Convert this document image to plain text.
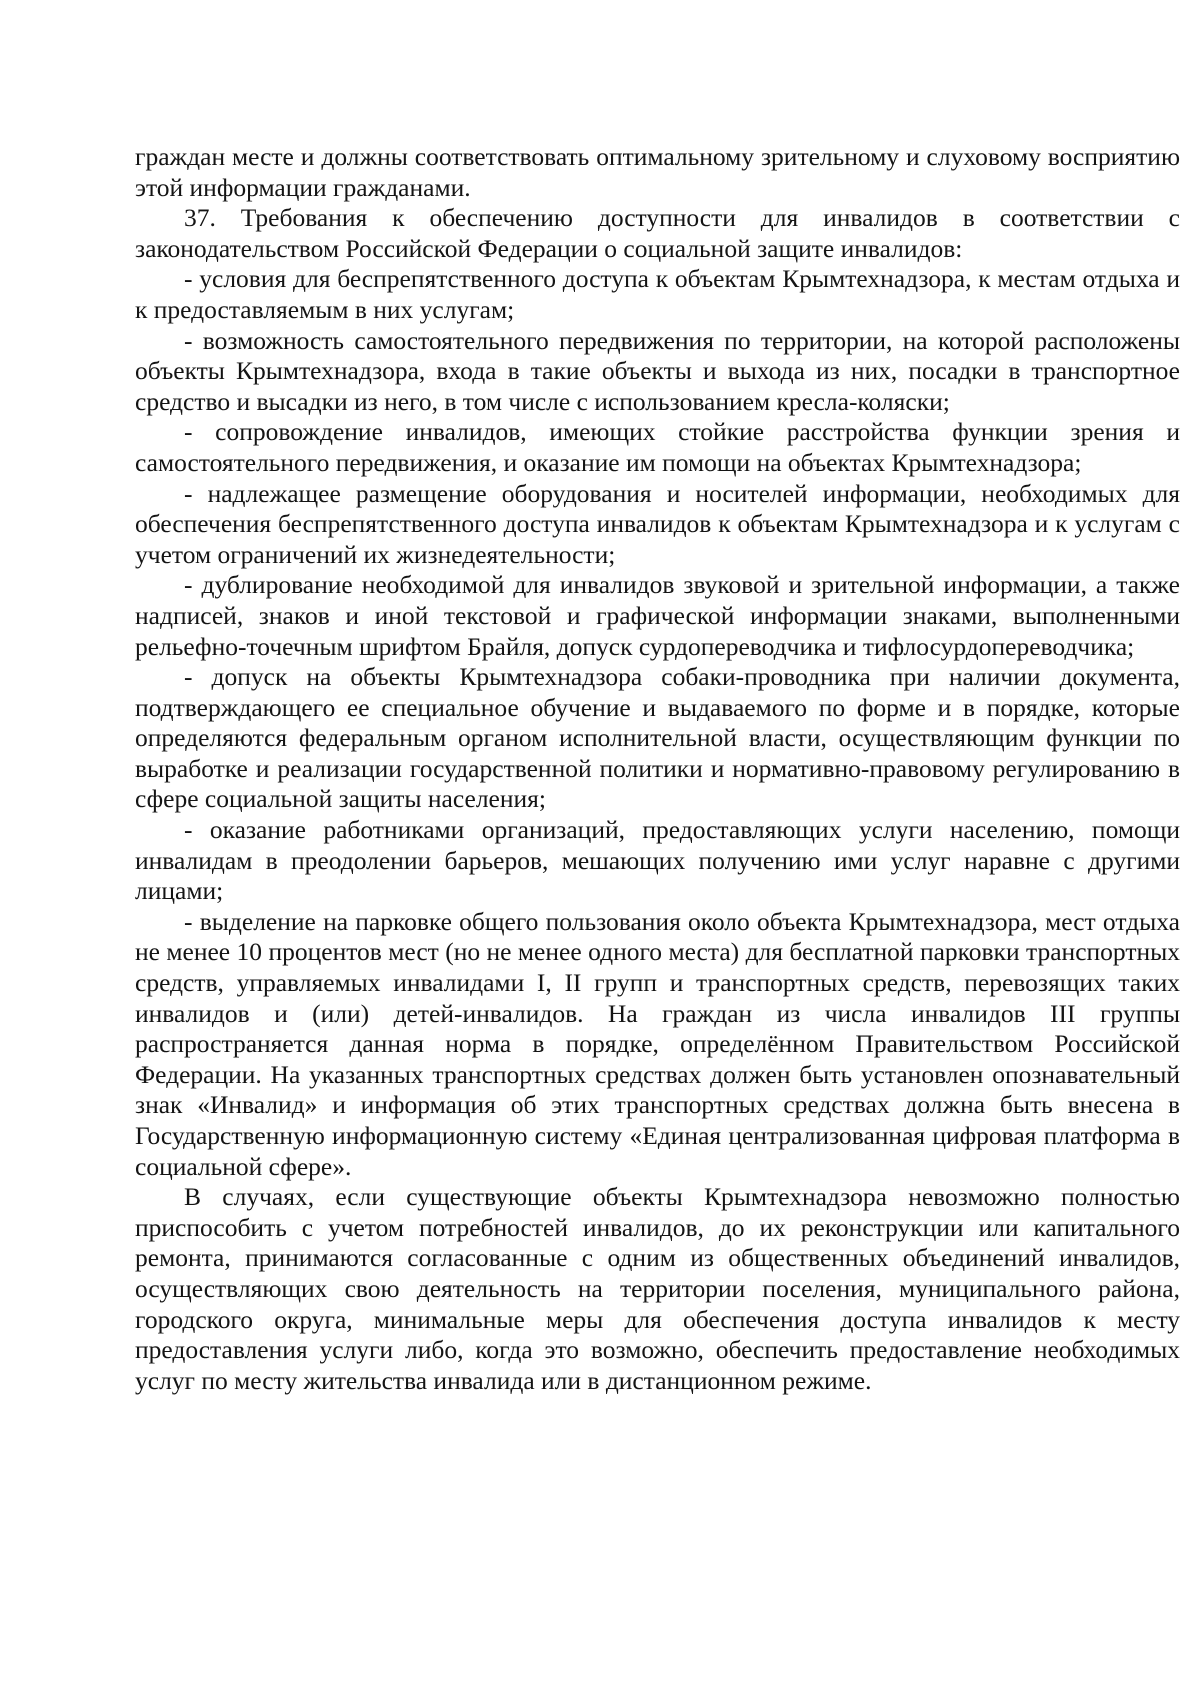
граждан месте и должны соответствовать оптимальному зрительному и слуховому восприятию этой информации гражданами.

37. Требования к обеспечению доступности для инвалидов в соответствии с законодательством Российской Федерации о социальной защите инвалидов:

- условия для беспрепятственного доступа к объектам Крымтехнадзора, к местам отдыха и к предоставляемым в них услугам;

- возможность самостоятельного передвижения по территории, на которой расположены объекты Крымтехнадзора, входа в такие объекты и выхода из них, посадки в транспортное средство и высадки из него, в том числе с использованием кресла-коляски;

- сопровождение инвалидов, имеющих стойкие расстройства функции зрения и самостоятельного передвижения, и оказание им помощи на объектах Крымтехнадзора;

- надлежащее размещение оборудования и носителей информации, необходимых для обеспечения беспрепятственного доступа инвалидов к объектам Крымтехнадзора и к услугам с учетом ограничений их жизнедеятельности;

- дублирование необходимой для инвалидов звуковой и зрительной информации, а также надписей, знаков и иной текстовой и графической информации знаками, выполненными рельефно-точечным шрифтом Брайля, допуск сурдопереводчика и тифлосурдопереводчика;

- допуск на объекты Крымтехнадзора собаки-проводника при наличии документа, подтверждающего ее специальное обучение и выдаваемого по форме и в порядке, которые определяются федеральным органом исполнительной власти, осуществляющим функции по выработке и реализации государственной политики и нормативно-правовому регулированию в сфере социальной защиты населения;

- оказание работниками организаций, предоставляющих услуги населению, помощи инвалидам в преодолении барьеров, мешающих получению ими услуг наравне с другими лицами;

- выделение на парковке общего пользования около объекта Крымтехнадзора, мест отдыха не менее 10 процентов мест (но не менее одного места) для бесплатной парковки транспортных средств, управляемых инвалидами I, II групп и транспортных средств, перевозящих таких инвалидов и (или) детей-инвалидов. На граждан из числа инвалидов III группы распространяется данная норма в порядке, определённом Правительством Российской Федерации. На указанных транспортных средствах должен быть установлен опознавательный знак «Инвалид» и информация об этих транспортных средствах должна быть внесена в Государственную информационную систему «Единая централизованная цифровая платформа в социальной сфере».

В случаях, если существующие объекты Крымтехнадзора невозможно полностью приспособить с учетом потребностей инвалидов, до их реконструкции или капитального ремонта, принимаются согласованные с одним из общественных объединений инвалидов, осуществляющих свою деятельность на территории поселения, муниципального района, городского округа, минимальные меры для обеспечения доступа инвалидов к месту предоставления услуги либо, когда это возможно, обеспечить предоставление необходимых услуг по месту жительства инвалида или в дистанционном режиме.
